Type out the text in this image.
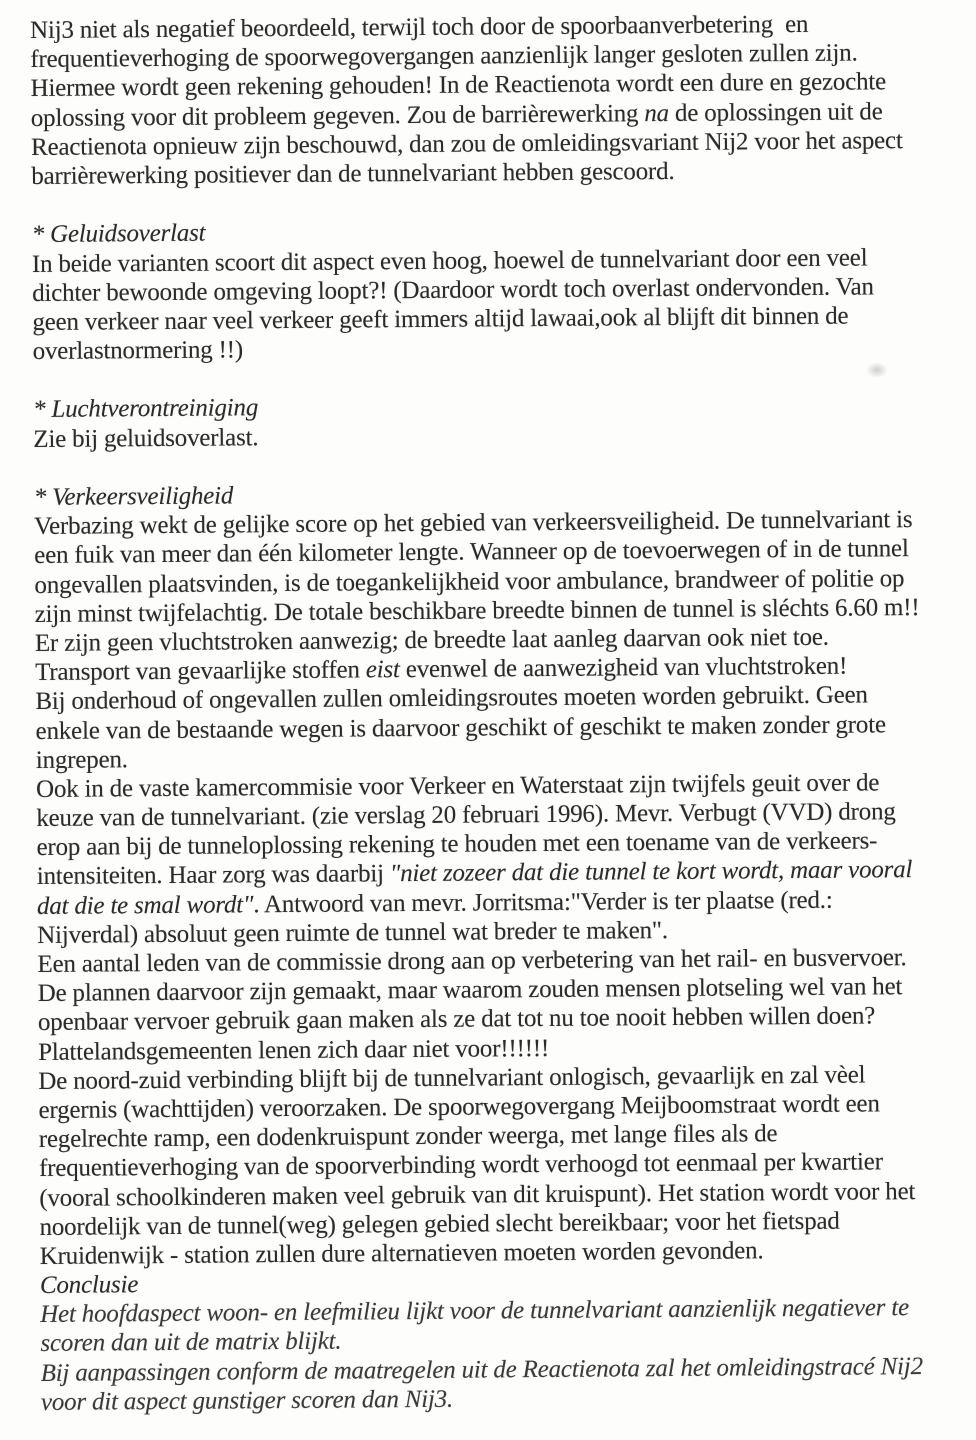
Nij3 niet als negatief beoordeeld, terwijl toch door de spoorbaanverbetering  en
frequentieverhoging de spoorwegovergangen aanzienlijk langer gesloten zullen zijn.
Hiermee wordt geen rekening gehouden! In de Reactienota wordt een dure en gezochte
oplossing voor dit probleem gegeven. Zou de barrièrewerking na de oplossingen uit de
Reactienota opnieuw zijn beschouwd, dan zou de omleidingsvariant Nij2 voor het aspect
barrièrewerking positiever dan de tunnelvariant hebben gescoord.
* Geluidsoverlast
In beide varianten scoort dit aspect even hoog, hoewel de tunnelvariant door een veel
dichter bewoonde omgeving loopt?! (Daardoor wordt toch overlast ondervonden. Van
geen verkeer naar veel verkeer geeft immers altijd lawaai,ook al blijft dit binnen de
overlastnormering !!)
* Luchtverontreiniging
Zie bij geluidsoverlast.
* Verkeersveiligheid
Verbazing wekt de gelijke score op het gebied van verkeersveiligheid. De tunnelvariant is
een fuik van meer dan één kilometer lengte. Wanneer op de toevoerwegen of in de tunnel
ongevallen plaatsvinden, is de toegankelijkheid voor ambulance, brandweer of politie op
zijn minst twijfelachtig. De totale beschikbare breedte binnen de tunnel is sléchts 6.60 m!!
Er zijn geen vluchtstroken aanwezig; de breedte laat aanleg daarvan ook niet toe.
Transport van gevaarlijke stoffen eist evenwel de aanwezigheid van vluchtstroken!
Bij onderhoud of ongevallen zullen omleidingsroutes moeten worden gebruikt. Geen
enkele van de bestaande wegen is daarvoor geschikt of geschikt te maken zonder grote
ingrepen.
Ook in de vaste kamercommisie voor Verkeer en Waterstaat zijn twijfels geuit over de
keuze van de tunnelvariant. (zie verslag 20 februari 1996). Mevr. Verbugt (VVD) drong
erop aan bij de tunneloplossing rekening te houden met een toename van de verkeers-
intensiteiten. Haar zorg was daarbij "niet zozeer dat die tunnel te kort wordt, maar vooral
dat die te smal wordt". Antwoord van mevr. Jorritsma:"Verder is ter plaatse (red.:
Nijverdal) absoluut geen ruimte de tunnel wat breder te maken".
Een aantal leden van de commissie drong aan op verbetering van het rail- en busvervoer.
De plannen daarvoor zijn gemaakt, maar waarom zouden mensen plotseling wel van het
openbaar vervoer gebruik gaan maken als ze dat tot nu toe nooit hebben willen doen?
Plattelandsgemeenten lenen zich daar niet voor!!!!!!
De noord-zuid verbinding blijft bij de tunnelvariant onlogisch, gevaarlijk en zal vèel
ergernis (wachttijden) veroorzaken. De spoorwegovergang Meijboomstraat wordt een
regelrechte ramp, een dodenkruispunt zonder weerga, met lange files als de
frequentieverhoging van de spoorverbinding wordt verhoogd tot eenmaal per kwartier
(vooral schoolkinderen maken veel gebruik van dit kruispunt). Het station wordt voor het
noordelijk van de tunnel(weg) gelegen gebied slecht bereikbaar; voor het fietspad
Kruidenwijk - station zullen dure alternatieven moeten worden gevonden.
Conclusie
Het hoofdaspect woon- en leefmilieu lijkt voor de tunnelvariant aanzienlijk negatiever te
scoren dan uit de matrix blijkt.
Bij aanpassingen conform de maatregelen uit de Reactienota zal het omleidingstracé Nij2
voor dit aspect gunstiger scoren dan Nij3.
